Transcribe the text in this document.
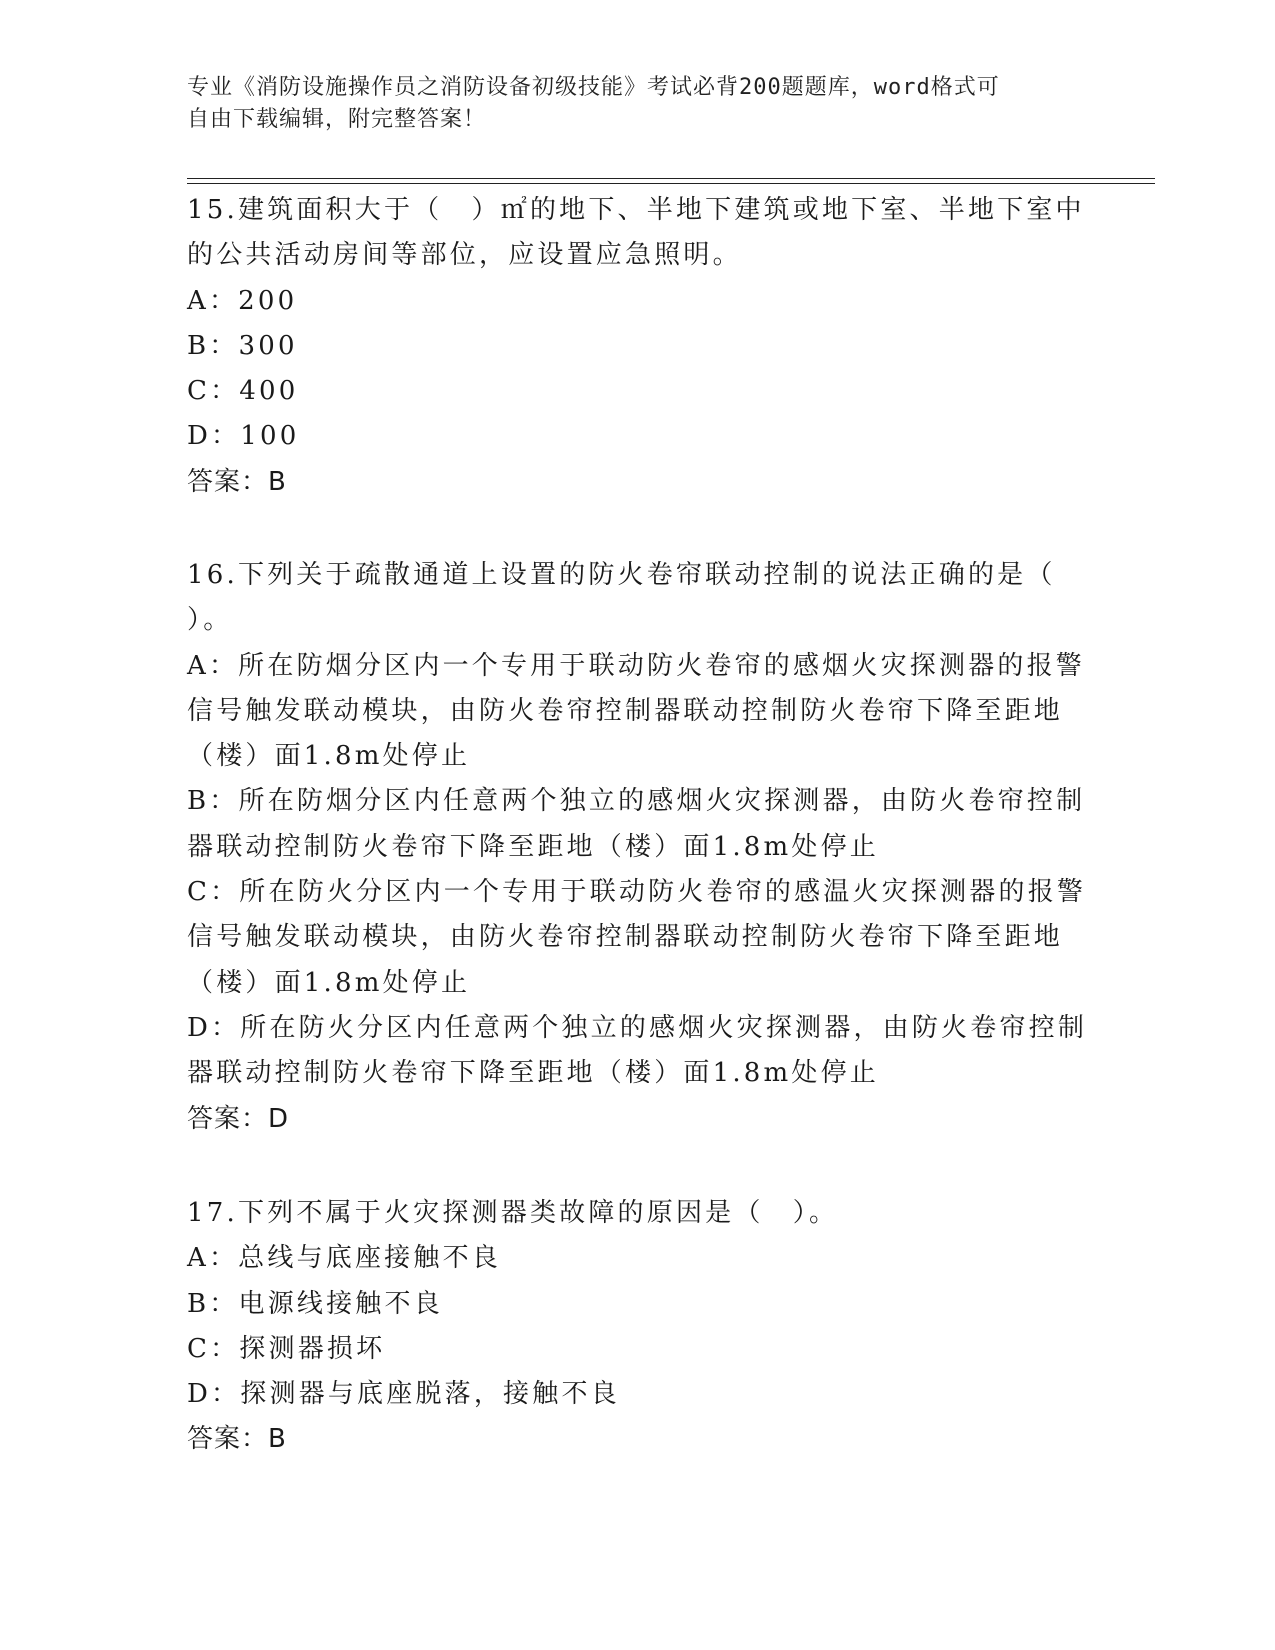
专业《消防设施操作员之消防设备初级技能》考试必背200题题库，word格式可
自由下载编辑，附完整答案！
15.建筑面积大于（　）㎡的地下、半地下建筑或地下室、半地下室中
的公共活动房间等部位，应设置应急照明。
A：200
B：300
C：400
D：100
答案：B
16.下列关于疏散通道上设置的防火卷帘联动控制的说法正确的是（
）。
A：所在防烟分区内一个专用于联动防火卷帘的感烟火灾探测器的报警
信号触发联动模块，由防火卷帘控制器联动控制防火卷帘下降至距地
（楼）面1.8m处停止
B：所在防烟分区内任意两个独立的感烟火灾探测器，由防火卷帘控制
器联动控制防火卷帘下降至距地（楼）面1.8m处停止
C：所在防火分区内一个专用于联动防火卷帘的感温火灾探测器的报警
信号触发联动模块，由防火卷帘控制器联动控制防火卷帘下降至距地
（楼）面1.8m处停止
D：所在防火分区内任意两个独立的感烟火灾探测器，由防火卷帘控制
器联动控制防火卷帘下降至距地（楼）面1.8m处停止
答案：D
17.下列不属于火灾探测器类故障的原因是（　）。
A：总线与底座接触不良
B：电源线接触不良
C：探测器损坏
D：探测器与底座脱落，接触不良
答案：B
